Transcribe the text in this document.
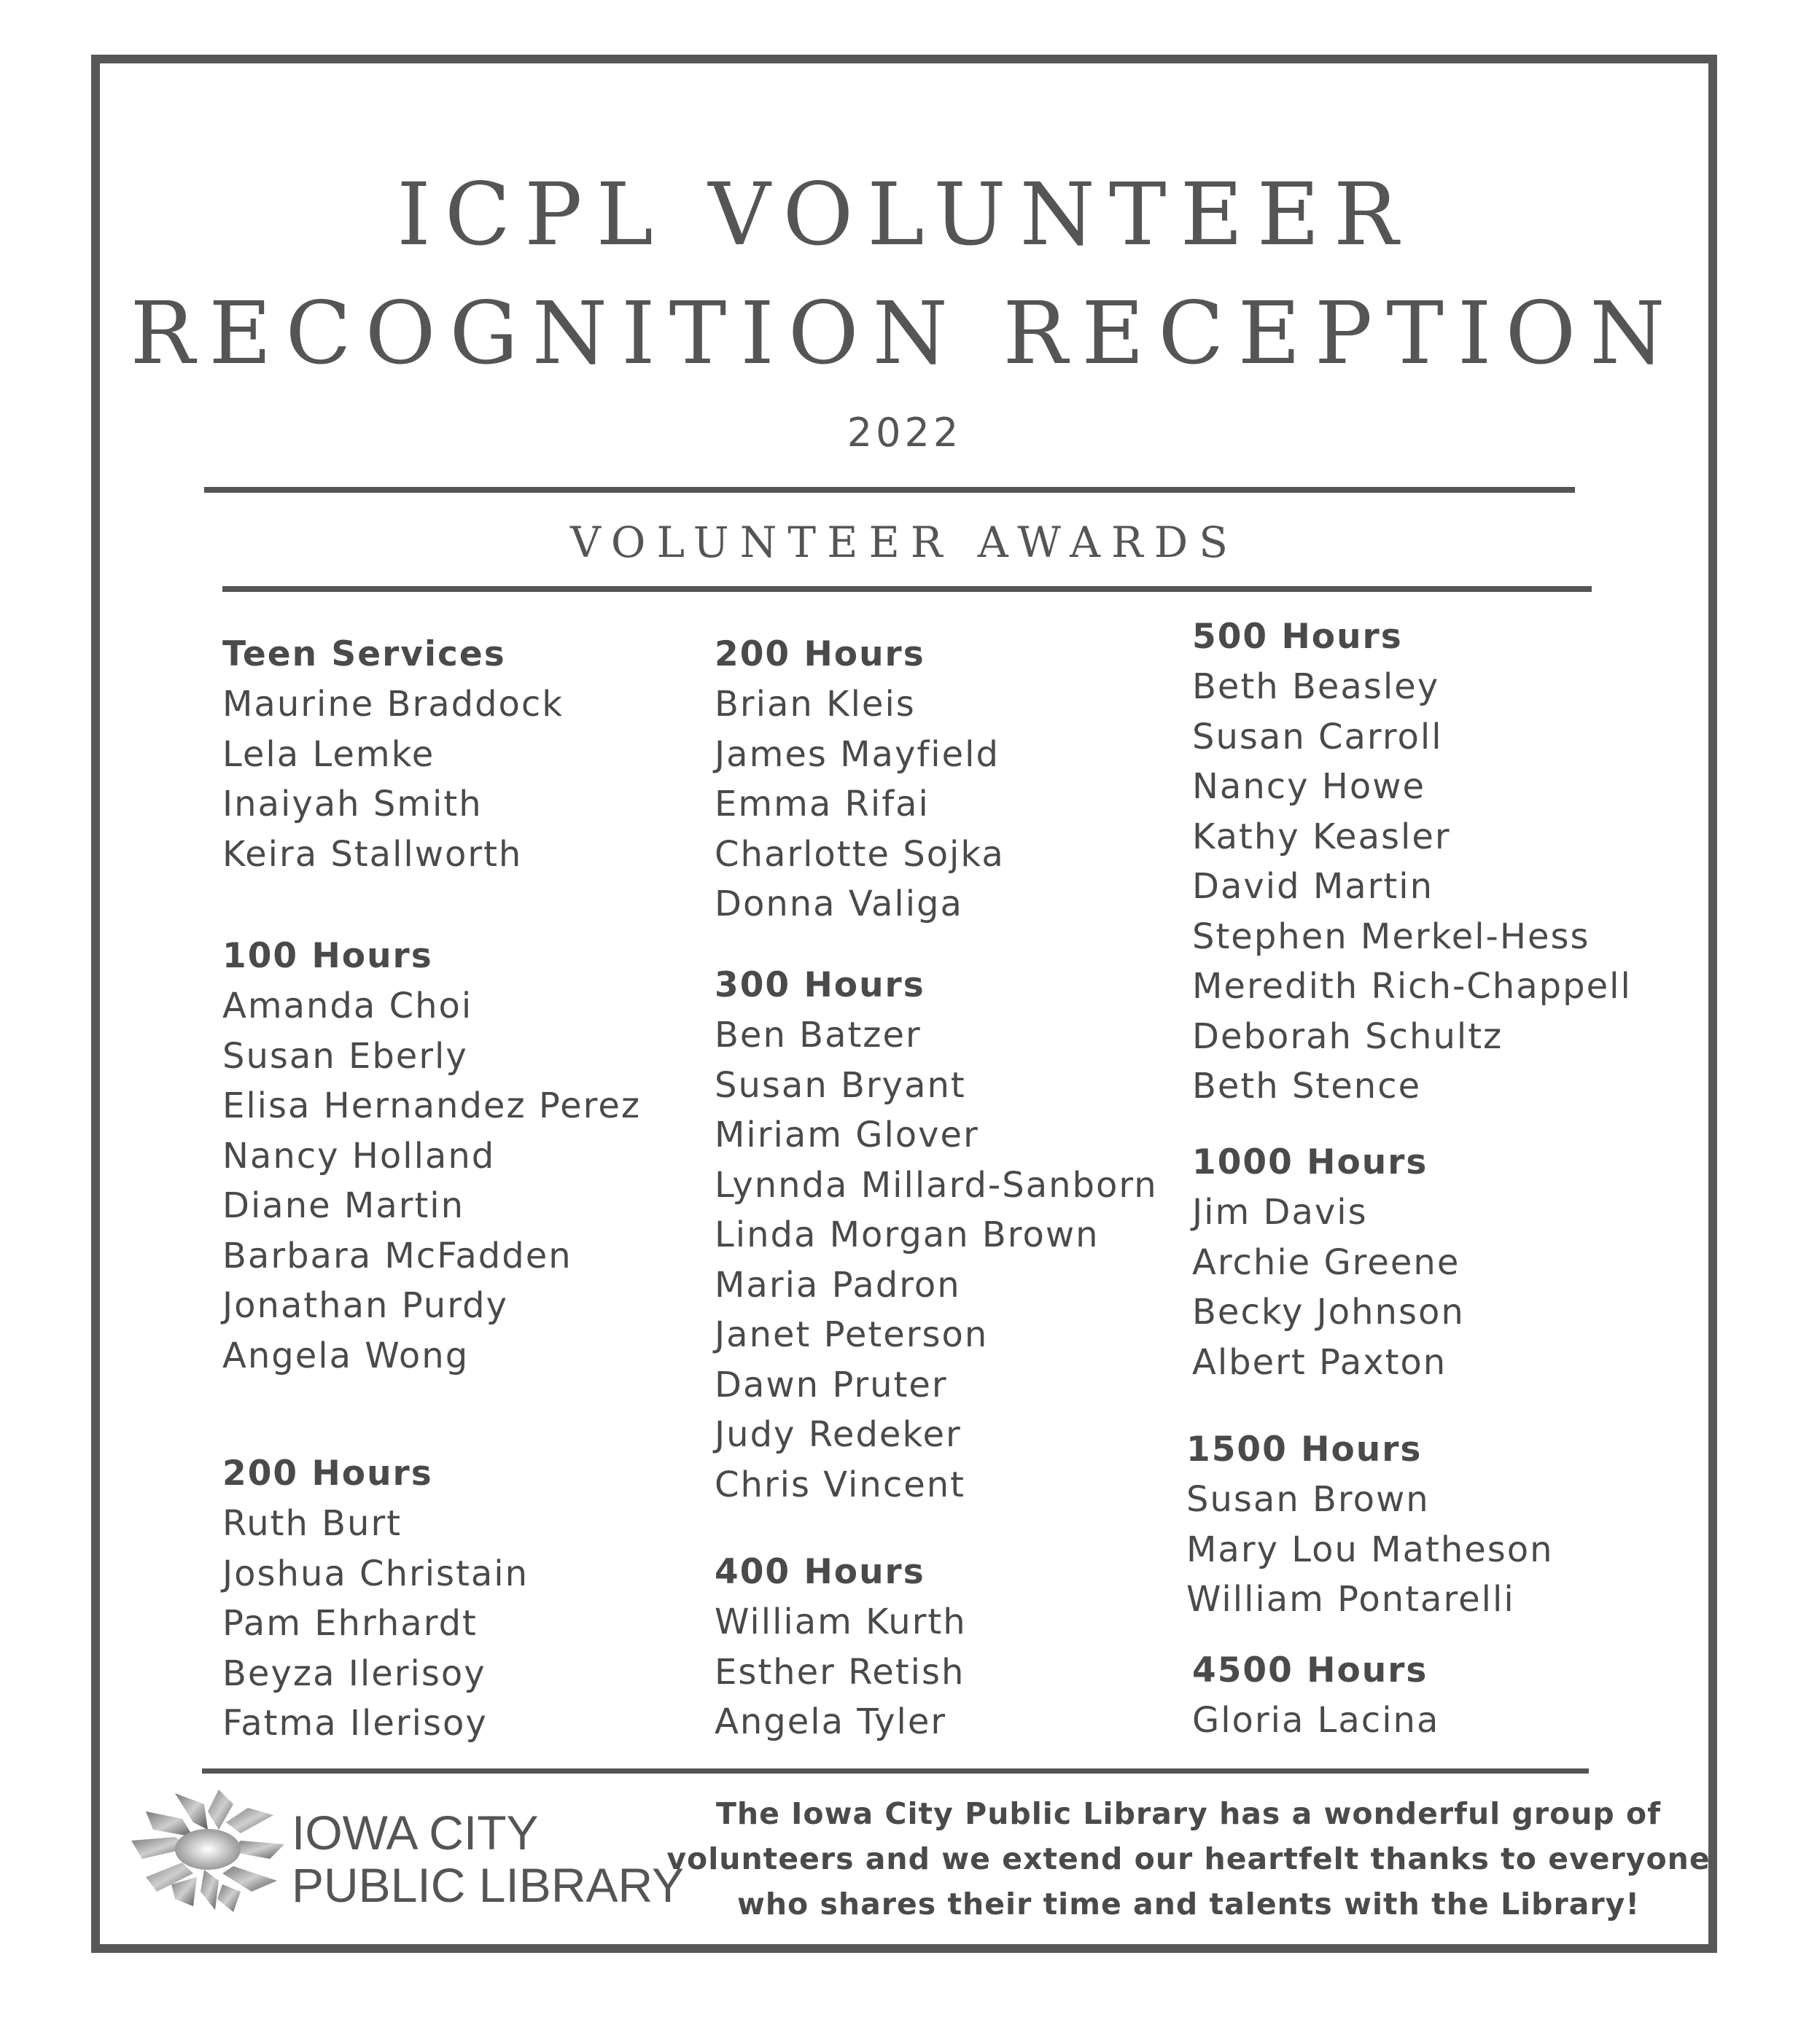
ICPL VOLUNTEER
RECOGNITION RECEPTION
2022
VOLUNTEER AWARDS
Teen Services
Maurine Braddock
Lela Lemke
Inaiyah Smith
Keira Stallworth
100 Hours
Amanda Choi
Susan Eberly
Elisa Hernandez Perez
Nancy Holland
Diane Martin
Barbara McFadden
Jonathan Purdy
Angela Wong
200 Hours
Ruth Burt
Joshua Christain
Pam Ehrhardt
Beyza Ilerisoy
Fatma Ilerisoy
200 Hours
Brian Kleis
James Mayfield
Emma Rifai
Charlotte Sojka
Donna Valiga
300 Hours
Ben Batzer
Susan Bryant
Miriam Glover
Lynnda Millard-Sanborn
Linda Morgan Brown
Maria Padron
Janet Peterson
Dawn Pruter
Judy Redeker
Chris Vincent
400 Hours
William Kurth
Esther Retish
Angela Tyler
500 Hours
Beth Beasley
Susan Carroll
Nancy Howe
Kathy Keasler
David Martin
Stephen Merkel-Hess
Meredith Rich-Chappell
Deborah Schultz
Beth Stence
1000 Hours
Jim Davis
Archie Greene
Becky Johnson
Albert Paxton
1500 Hours
Susan Brown
Mary Lou Matheson
William Pontarelli
4500 Hours
Gloria Lacina
IOWA CITY
PUBLIC LIBRARY
The Iowa City Public Library has a wonderful group of
volunteers and we extend our heartfelt thanks to everyone
who shares their time and talents with the Library!
